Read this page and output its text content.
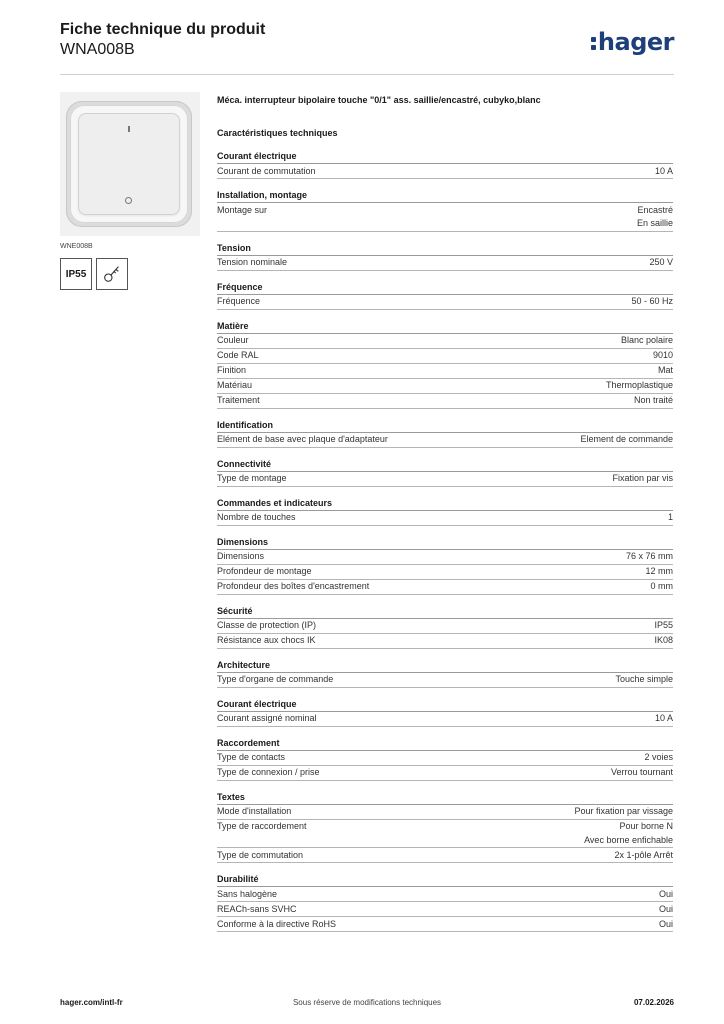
Fiche technique du produit
WNA008B	hager
WNE008B
IP55
Méca. interrupteur bipolaire touche "0/1" ass. saillie/encastré, cubyko,blanc
Caractéristiques techniques
Courant électrique
Courant de commutation	10 A
Installation, montage
Montage sur	Encastré
En saillie
Tension
Tension nominale	250 V
Fréquence
Fréquence	50 - 60 Hz
Matière
Couleur	Blanc polaire
Code RAL	9010
Finition	Mat
Matériau	Thermoplastique
Traitement	Non traité
Identification
Elément de base avec plaque d'adaptateur	Element de commande
Connectivité
Type de montage	Fixation par vis
Commandes et indicateurs
Nombre de touches	1
Dimensions
Dimensions	76 x 76 mm
Profondeur de montage	12 mm
Profondeur des boîtes d'encastrement	0 mm
Sécurité
Classe de protection (IP)	IP55
Résistance aux chocs IK	IK08
Architecture
Type d'organe de commande	Touche simple
Courant électrique
Courant assigné nominal	10 A
Raccordement
Type de contacts	2 voies
Type de connexion / prise	Verrou tournant
Textes
Mode d'installation	Pour fixation par vissage
Type de raccordement	Pour borne N
Avec borne enfichable
Type de commutation	2x 1-pôle Arrêt
Durabilité
Sans halogène	Oui
REACh-sans SVHC	Oui
Conforme à la directive RoHS	Oui
hager.com/intl-fr	Sous réserve de modifications techniques	07.02.2026
